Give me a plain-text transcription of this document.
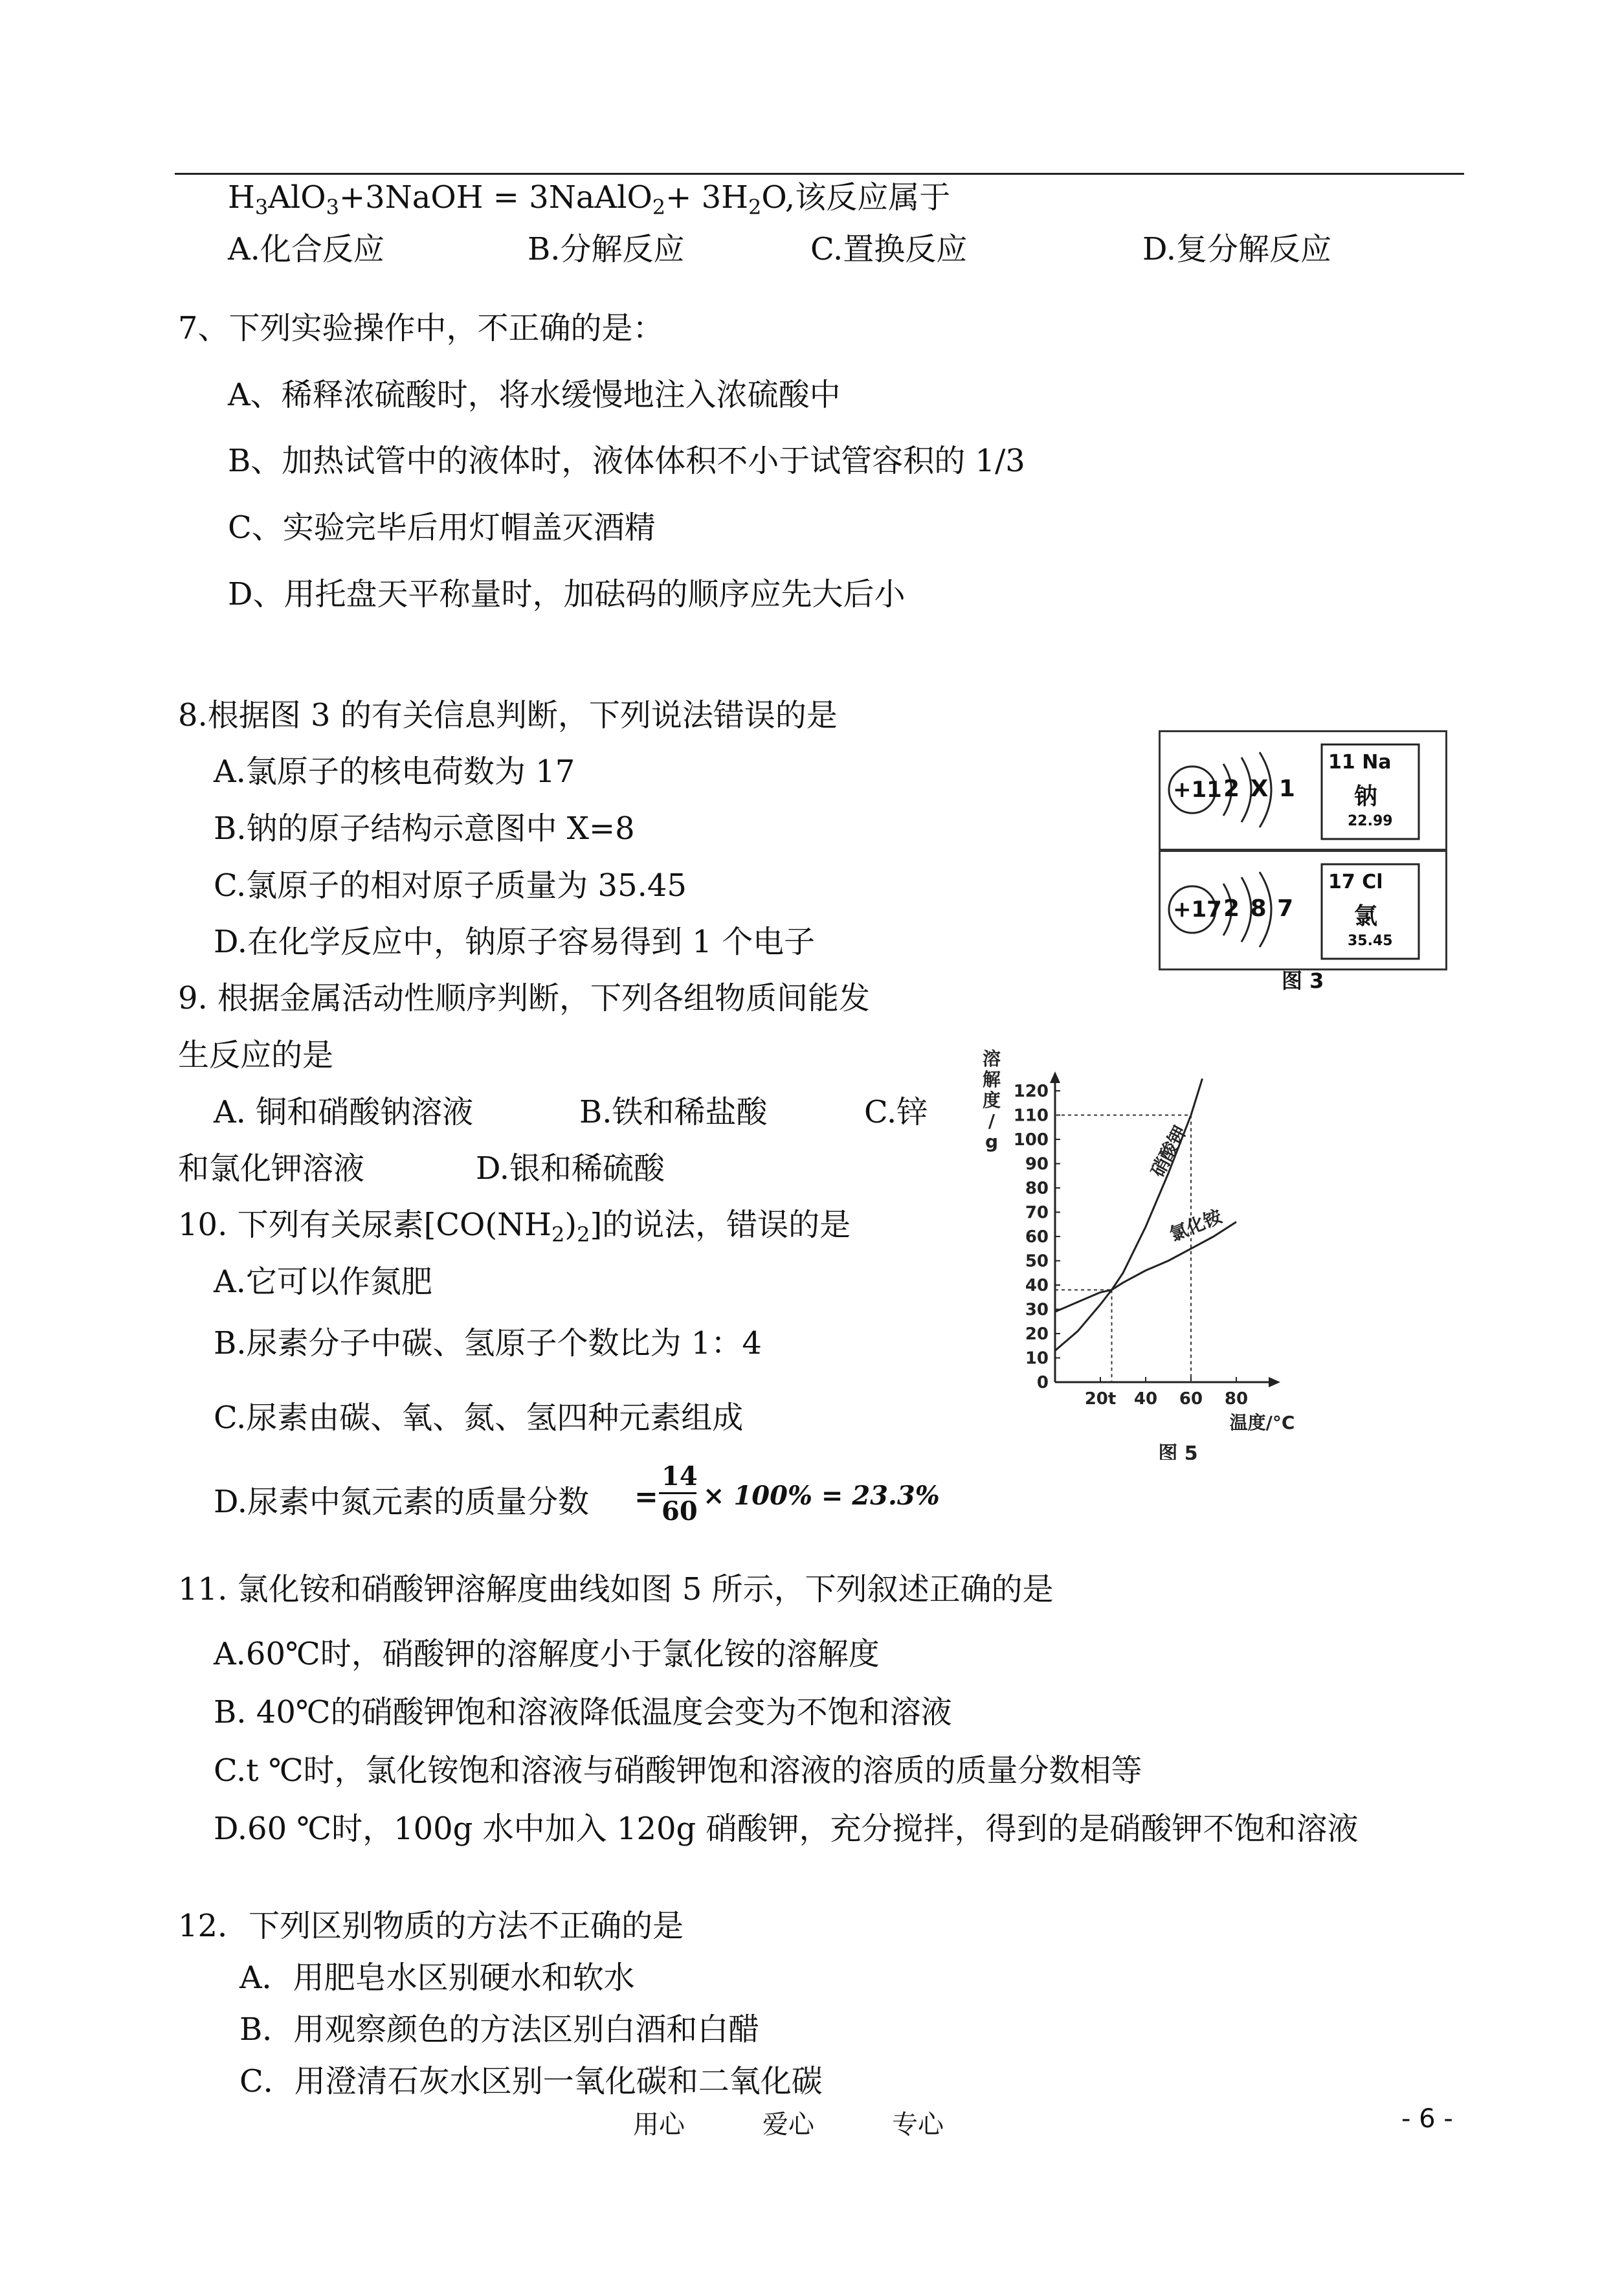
$H_3AlO_3+3NaOH$ = 3NaAlO$_2$+ $3H_2O$,该反应属于
A.化合反应	B.分解反应	C.置换反应	D.复分解反应
7、下列实验操作中，不正确的是：
A、稀释浓硫酸时，将水缓慢地注入浓硫酸中
B、加热试管中的液体时，液体体积不小于试管容积的 1/3
C、实验完毕后用灯帽盖灭酒精
D、用托盘天平称量时，加砝码的顺序应先大后小
8.根据图 3 的有关信息判断，下列说法错误的是
A.氯原子的核电荷数为 17
B.钠的原子结构示意图中 X=8
C.氯原子的相对原子质量为 35.45
D.在化学反应中，钠原子容易得到 1 个电子
+11 2 X 1
11 Na
钠
22.99
+17 2 8 7
17 Cl
氯
35.45
图 3
9. 根据金属活动性顺序判断，下列各组物质间能发
生反应的是
A. 铜和硝酸钠溶液	B.铁和稀盐酸	C.锌
和氯化钾溶液	D.银和稀硫酸
10. 下列有关尿素$[CO(NH_2)_2]$的说法，错误的是
A.它可以作氮肥
B.尿素分子中碳、氢原子个数比为 1：4
C.尿素由碳、氧、氮、氢四种元素组成
D.尿素中氮元素的质量分数 =
14
60
× 100% = 23.3%
0
10
20
30
40
50
60
70
80
90
100
110
120
20t 40 60 80
溶
解
度
/
g
温度/°C
图 5
硝酸钾
氯化铵
11. 氯化铵和硝酸钾溶解度曲线如图 5 所示，下列叙述正确的是
A.60℃时，硝酸钾的溶解度小于氯化铵的溶解度
B. 40℃的硝酸钾饱和溶液降低温度会变为不饱和溶液
C.t ℃时，氯化铵饱和溶液与硝酸钾饱和溶液的溶质的质量分数相等
D.60 ℃时，100g 水中加入 120g 硝酸钾，充分搅拌，得到的是硝酸钾不饱和溶液
12．下列区别物质的方法不正确的是
A．用肥皂水区别硬水和软水
B．用观察颜色的方法区别白酒和白醋
C．用澄清石灰水区别一氧化碳和二氧化碳
用心	爱心	专心	- 6 -
